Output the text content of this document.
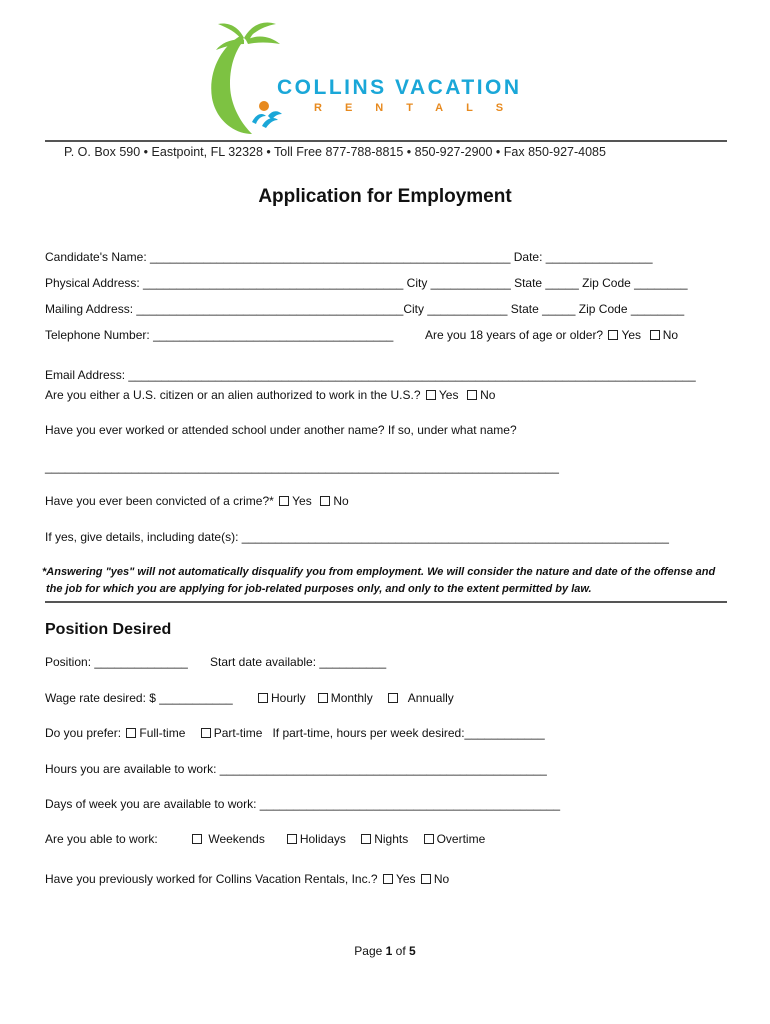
COLLINS VACATION
RENTALS
P. O. Box 590 • Eastpoint, FL 32328 • Toll Free 877-788-8815 • 850-927-2900 • Fax 850-927-4085
Application for Employment
Candidate's Name: ______________________________________________________ Date: ________________
Physical Address: _______________________________________ City ____________ State _____ Zip Code ________
Mailing Address: ________________________________________City ____________ State _____ Zip Code ________
Telephone Number: ____________________________________	Are you 18 years of age or older? Yes No
Email Address: _____________________________________________________________________________________
Are you either a U.S. citizen or an alien authorized to work in the U.S.? Yes No
Have you ever worked or attended school under another name? If so, under what name?
_____________________________________________________________________________
Have you ever been convicted of a crime?* Yes No
If yes, give details, including date(s): ________________________________________________________________
*Answering "yes" will not automatically disqualify you from employment. We will consider the nature and date of the offense and
the job for which you are applying for job-related purposes only, and only to the extent permitted by law.
Position Desired
Position: ______________ Start date available: __________
Wage rate desired: $ ___________	Hourly Monthly	Annually
Do you prefer: Full-time Part-time If part-time, hours per week desired:____________
Hours you are available to work: _________________________________________________
Days of week you are available to work: _____________________________________________
Are you able to work:	Weekends	Holidays Nights Overtime
Have you previously worked for Collins Vacation Rentals, Inc.? Yes No
Page 1 of 5
